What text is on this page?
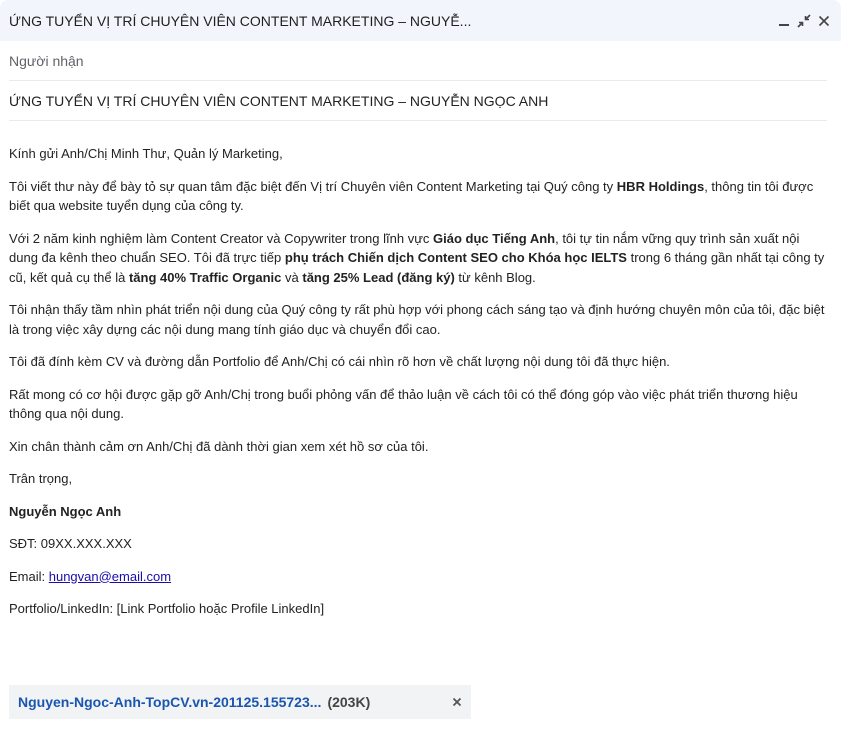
ỨNG TUYỂN VỊ TRÍ CHUYÊN VIÊN CONTENT MARKETING – NGUYỄ...
Người nhận
ỨNG TUYỂN VỊ TRÍ CHUYÊN VIÊN CONTENT MARKETING – NGUYỄN NGỌC ANH

Kính gửi Anh/Chị Minh Thư, Quản lý Marketing,

Tôi viết thư này để bày tỏ sự quan tâm đặc biệt đến Vị trí Chuyên viên Content Marketing tại Quý công ty HBR Holdings, thông tin tôi được biết qua website tuyển dụng của công ty.

Với 2 năm kinh nghiệm làm Content Creator và Copywriter trong lĩnh vực Giáo dục Tiếng Anh, tôi tự tin nắm vững quy trình sản xuất nội dung đa kênh theo chuẩn SEO. Tôi đã trực tiếp phụ trách Chiến dịch Content SEO cho Khóa học IELTS trong 6 tháng gần nhất tại công ty cũ, kết quả cụ thể là tăng 40% Traffic Organic và tăng 25% Lead (đăng ký) từ kênh Blog.

Tôi nhận thấy tầm nhìn phát triển nội dung của Quý công ty rất phù hợp với phong cách sáng tạo và định hướng chuyên môn của tôi, đặc biệt là trong việc xây dựng các nội dung mang tính giáo dục và chuyển đổi cao.

Tôi đã đính kèm CV và đường dẫn Portfolio để Anh/Chị có cái nhìn rõ hơn về chất lượng nội dung tôi đã thực hiện.

Rất mong có cơ hội được gặp gỡ Anh/Chị trong buổi phỏng vấn để thảo luận về cách tôi có thể đóng góp vào việc phát triển thương hiệu thông qua nội dung.

Xin chân thành cảm ơn Anh/Chị đã dành thời gian xem xét hồ sơ của tôi.

Trân trọng,

Nguyễn Ngọc Anh

SĐT: 09XX.XXX.XXX

Email: hungvan@email.com

Portfolio/LinkedIn: [Link Portfolio hoặc Profile LinkedIn]

Nguyen-Ngoc-Anh-TopCV.vn-201125.155723... (203K)
